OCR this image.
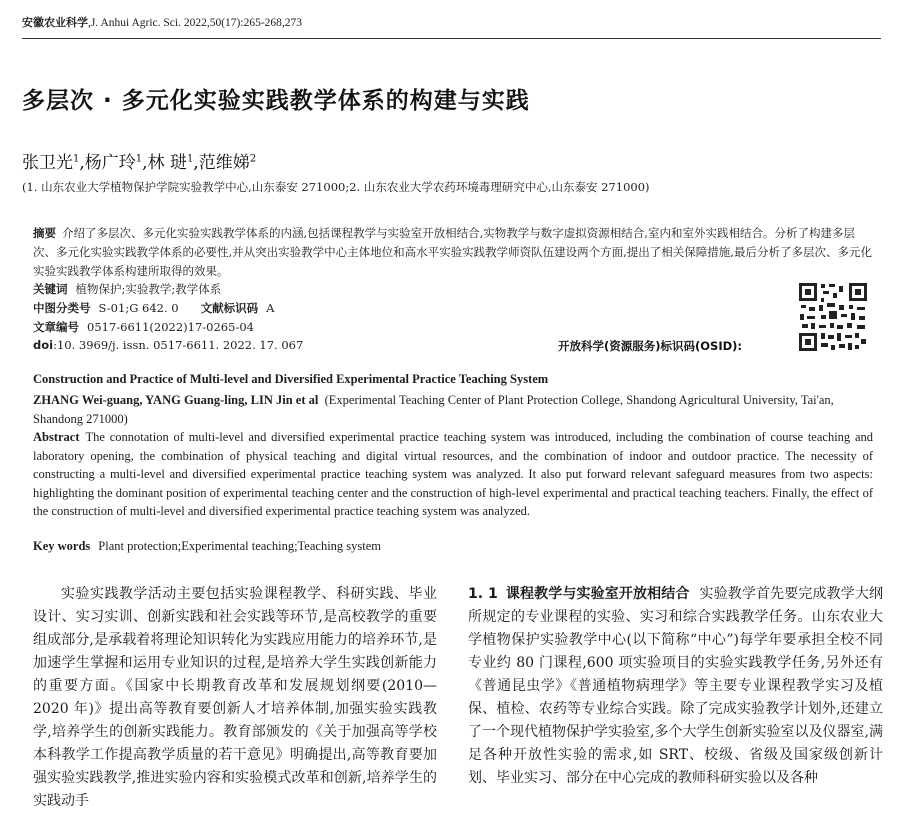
安徽农业科学,J. Anhui Agric. Sci. 2022,50(17):265-268,273
多层次 · 多元化实验实践教学体系的构建与实践
张卫光$^1$,杨广玲$^1$,林 琎$^1$,范维娣$^2$
(1. 山东农业大学植物保护学院实验教学中心,山东泰安 271000;2. 山东农业大学农药环境毒理研究中心,山东泰安 271000)
摘要 介绍了多层次、多元化实验实践教学体系的内涵,包括课程教学与实验室开放相结合,实物教学与数字虚拟资源相结合,室内和室外实践相结合。分析了构建多层次、多元化实验实践教学体系的必要性,并从突出实验教学中心主体地位和高水平实验实践教学师资队伍建设两个方面,提出了相关保障措施,最后分析了多层次、多元化实验实践教学体系构建所取得的效果。
关键词 植物保护;实验教学;教学体系
中图分类号 S-01;G 642. 0 文献标识码 A
文章编号 0517-6611(2022)17-0265-04
doi:10. 3969/j. issn. 0517-6611. 2022. 17. 067	开放科学(资源服务)标识码(OSID):
Construction and Practice of Multi-level and Diversified Experimental Practice Teaching System
ZHANG Wei-guang, YANG Guang-ling, LIN Jin et al (Experimental Teaching Center of Plant Protection College, Shandong Agricultural University, Tai'an, Shandong 271000)
Abstract The connotation of multi-level and diversified experimental practice teaching system was introduced, including the combination of course teaching and laboratory opening, the combination of physical teaching and digital virtual resources, and the combination of indoor and outdoor practice. The necessity of constructing a multi-level and diversified experimental practice teaching system was analyzed. It also put forward relevant safeguard measures from two aspects: highlighting the dominant position of experimental teaching center and the construction of high-level experimental and practical teaching teachers. Finally, the effect of the construction of multi-level and diversified experimental practice teaching system was analyzed.
Key words Plant protection;Experimental teaching;Teaching system
实验实践教学活动主要包括实验课程教学、科研实践、毕业设计、实习实训、创新实践和社会实践等环节,是高校教学的重要组成部分,是承载着将理论知识转化为实践应用能力的培养环节,是加速学生掌握和运用专业知识的过程,是培养大学生实践创新能力的重要方面。《国家中长期教育改革和发展规划纲要(2010—2020 年)》提出高等教育要创新人才培养体制,加强实验实践教学,培养学生的创新实践能力。教育部颁发的《关于加强高等学校本科教学工作提高教学质量的若干意见》明确提出,高等教育要加强实验实践教学,推进实验内容和实验模式改革和创新,培养学生的实践动手
1. 1 课程教学与实验室开放相结合 实验教学首先要完成教学大纲所规定的专业课程的实验、实习和综合实践教学任务。山东农业大学植物保护实验教学中心(以下简称“中心”)每学年要承担全校不同专业约 80 门课程,600 项实验项目的实验实践教学任务,另外还有《普通昆虫学》《普通植物病理学》等主要专业课程教学实习及植保、植检、农药等专业综合实践。除了完成实验教学计划外,还建立了一个现代植物保护学实验室,多个大学生创新实验室以及仪器室,满足各种开放性实验的需求,如 SRT、校级、省级及国家级创新计划、毕业实习、部分在中心完成的教师科研实验以及各种
